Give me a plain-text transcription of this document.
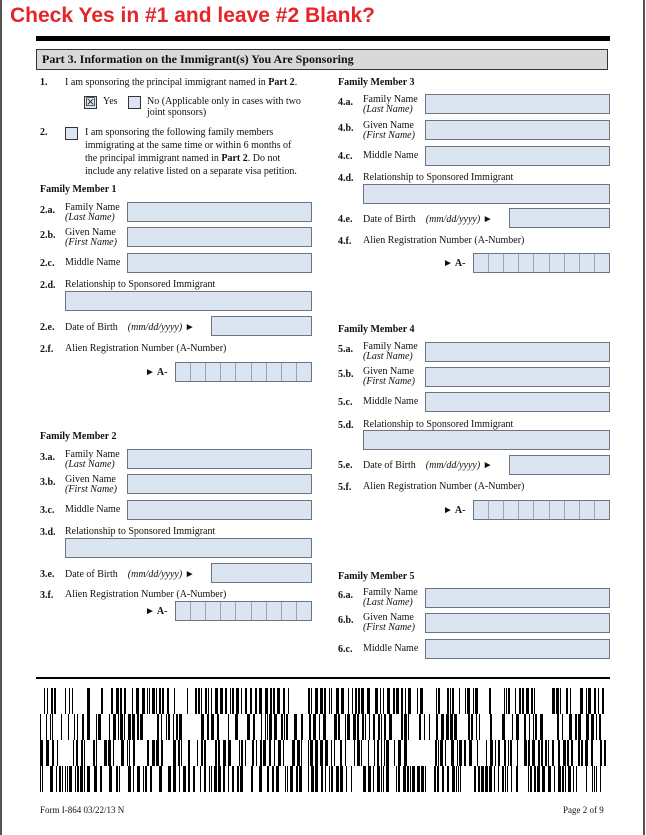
Check Yes in #1 and leave #2 Blank?
Part 3. Information on the Immigrant(s) You Are Sponsoring
1. I am sponsoring the principal immigrant named in Part 2.
☒ Yes	No (Applicable only in cases with two
joint sponsors)
2.	I am sponsoring the following family members
immigrating at the same time or within 6 months of
the principal immigrant named in Part 2. Do not
include any relative listed on a separate visa petition.
Family Member 1
2.a. Family Name
(Last Name)
2.b. Given Name
(First Name)
2.c. Middle Name
2.d. Relationship to Sponsored Immigrant
2.e. Date of Birth (mm/dd/yyyy) ►
2.f. Alien Registration Number (A-Number)
► A-
Family Member 2
3.a. Family Name
(Last Name)
3.b. Given Name
(First Name)
3.c. Middle Name
3.d. Relationship to Sponsored Immigrant
3.e. Date of Birth (mm/dd/yyyy) ►
3.f. Alien Registration Number (A-Number)
► A-
Family Member 3
4.a. Family Name
(Last Name)
4.b. Given Name
(First Name)
4.c. Middle Name
4.d. Relationship to Sponsored Immigrant
4.e. Date of Birth (mm/dd/yyyy) ►
4.f. Alien Registration Number (A-Number)
► A-
Family Member 4
5.a. Family Name
(Last Name)
5.b. Given Name
(First Name)
5.c. Middle Name
5.d. Relationship to Sponsored Immigrant
5.e. Date of Birth (mm/dd/yyyy) ►
5.f. Alien Registration Number (A-Number)
► A-
Family Member 5
6.a. Family Name
(Last Name)
6.b. Given Name
(First Name)
6.c. Middle Name
Form I-864 03/22/13 N	Page 2 of 9
